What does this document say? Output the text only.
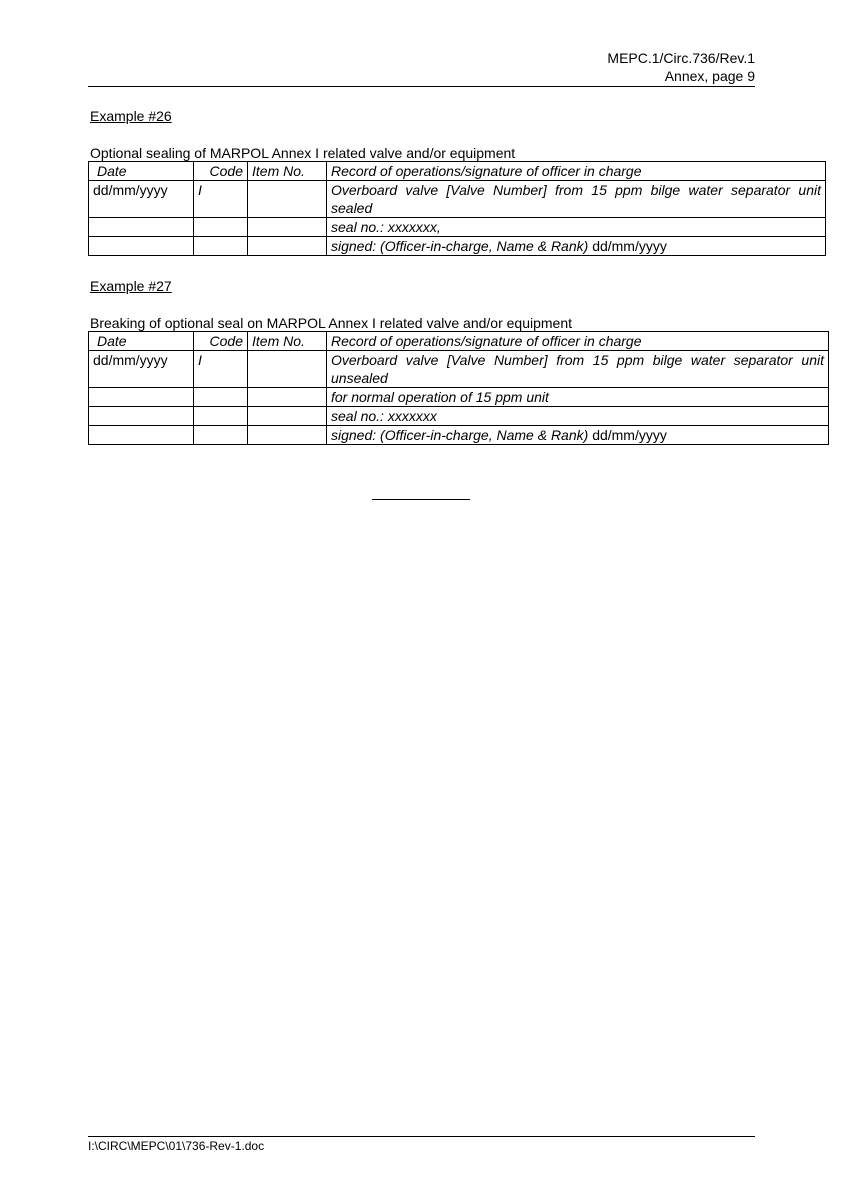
MEPC.1/Circ.736/Rev.1
Annex, page 9
Example #26
Optional sealing of MARPOL Annex I related valve and/or equipment
Date	Code	Item No.	Record of operations/signature of officer in charge
dd/mm/yyyy	I		Overboard valve [Valve Number] from 15 ppm bilge water separator unit sealed
			seal no.: xxxxxxx,
			signed: (Officer-in-charge, Name & Rank) dd/mm/yyyy
Example #27
Breaking of optional seal on MARPOL Annex I related valve and/or equipment
Date	Code	Item No.	Record of operations/signature of officer in charge
dd/mm/yyyy	I		Overboard valve [Valve Number] from 15 ppm bilge water separator unit unsealed
			for normal operation of 15 ppm unit
			seal no.: xxxxxxx
			signed: (Officer-in-charge, Name & Rank) dd/mm/yyyy
I:\CIRC\MEPC\01\736-Rev-1.doc
